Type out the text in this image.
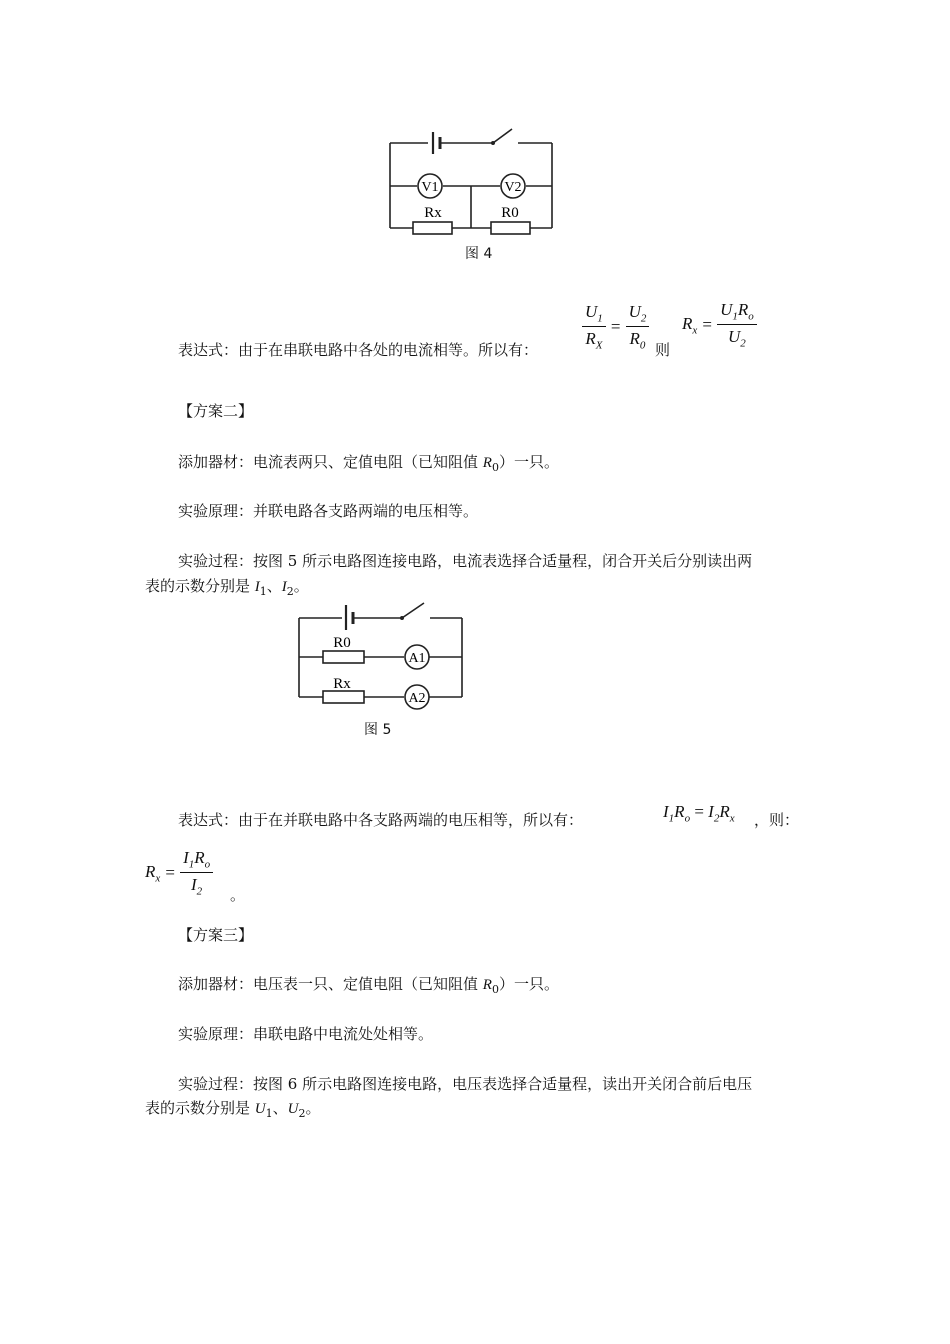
V1	V2
Rx	R0
图 4
表达式：由于在串联电路中各处的电流相等。所以有：	$\frac{U_1}{R_X} = \frac{U_2}{R_0}$ 则
$R_x = \frac{U_1R_o}{U_2}$
【方案二】
添加器材：电流表两只、定值电阻（已知阻值 $R_0$）一只。
实验原理：并联电路各支路两端的电压相等。
实验过程：按图 5 所示电路图连接电路，电流表选择合适量程，闭合开关后分别读出两
表的示数分别是 $I_1$、$I_2$。
R0
A1
Rx
A2
图 5
表达式：由于在并联电路中各支路两端的电压相等，所以有：	$I_1R_o = I_2R_x$ ，则：
$R_x = \frac{I_1R_o}{I_2}$ 。
【方案三】
添加器材：电压表一只、定值电阻（已知阻值 $R_0$）一只。
实验原理：串联电路中电流处处相等。
实验过程：按图 6 所示电路图连接电路，电压表选择合适量程，读出开关闭合前后电压
表的示数分别是 $U_1$、$U_2$。
